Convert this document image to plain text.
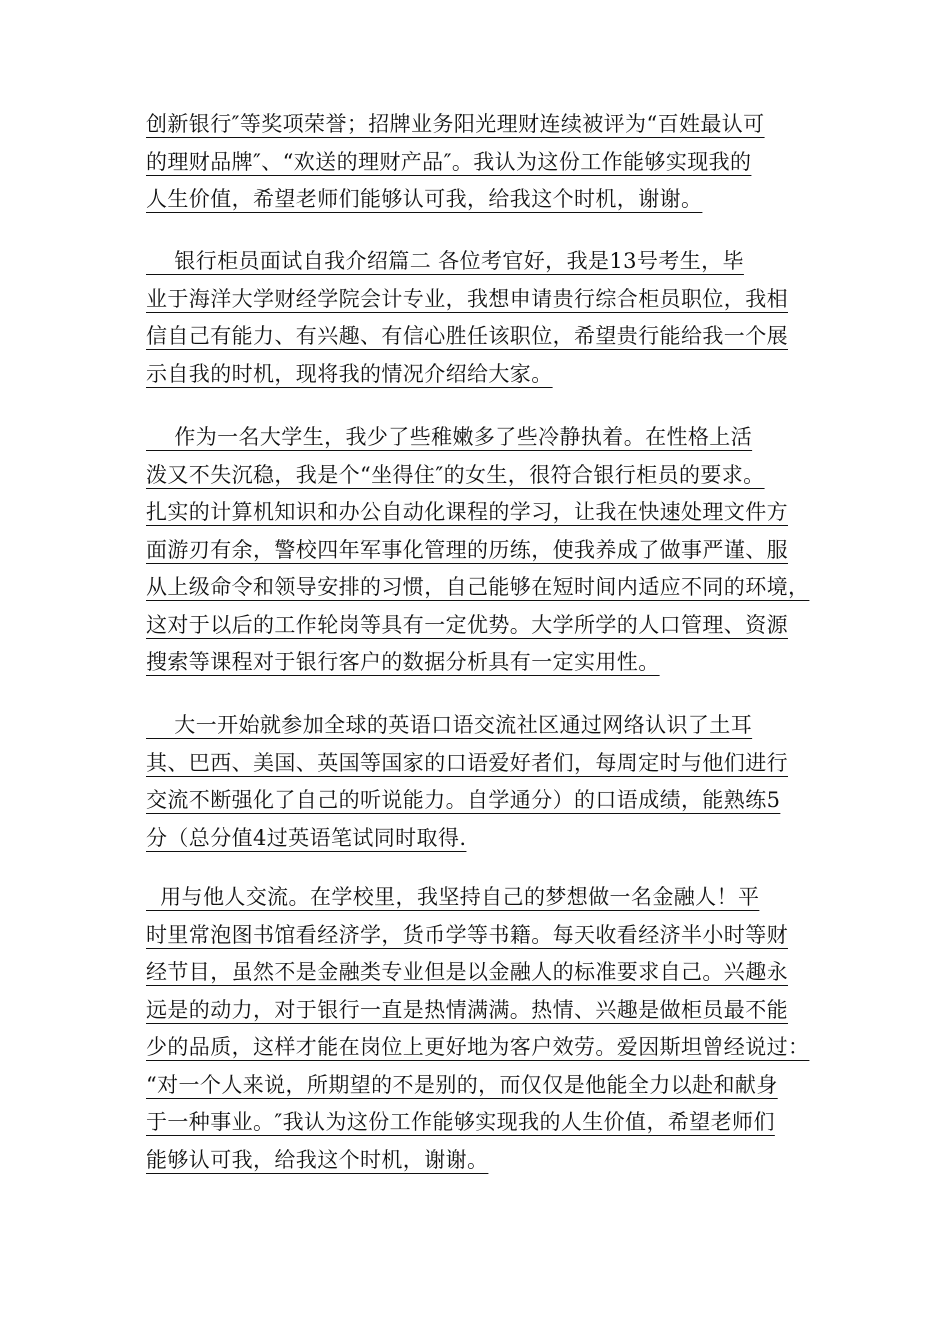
创新银行″等奖项荣誉；招牌业务阳光理财连续被评为“百姓最认可
的理财品牌″、“欢送的理财产品″。我认为这份工作能够实现我的
人生价值，希望老师们能够认可我，给我这个时机，谢谢。
银行柜员面试自我介绍篇二 各位考官好，我是13号考生，毕
业于海洋大学财经学院会计专业，我想申请贵行综合柜员职位，我相
信自己有能力、有兴趣、有信心胜任该职位，希望贵行能给我一个展
示自我的时机，现将我的情况介绍给大家。
作为一名大学生，我少了些稚嫩多了些冷静执着。在性格上活
泼又不失沉稳，我是个“坐得住″的女生，很符合银行柜员的要求。
扎实的计算机知识和办公自动化课程的学习，让我在快速处理文件方
面游刃有余，警校四年军事化管理的历练，使我养成了做事严谨、服
从上级命令和领导安排的习惯，自己能够在短时间内适应不同的环境，
这对于以后的工作轮岗等具有一定优势。大学所学的人口管理、资源
搜索等课程对于银行客户的数据分析具有一定实用性。
大一开始就参加全球的英语口语交流社区通过网络认识了土耳
其、巴西、美国、英国等国家的口语爱好者们，每周定时与他们进行
交流不断强化了自己的听说能力。自学通分）的口语成绩，能熟练5
分（总分值4过英语笔试同时取得.
用与他人交流。在学校里，我坚持自己的梦想做一名金融人！平
时里常泡图书馆看经济学，货币学等书籍。每天收看经济半小时等财
经节目，虽然不是金融类专业但是以金融人的标准要求自己。兴趣永
远是的动力，对于银行一直是热情满满。热情、兴趣是做柜员最不能
少的品质，这样才能在岗位上更好地为客户效劳。爱因斯坦曾经说过：
“对一个人来说，所期望的不是别的，而仅仅是他能全力以赴和献身
于一种事业。″我认为这份工作能够实现我的人生价值，希望老师们
能够认可我，给我这个时机，谢谢。
